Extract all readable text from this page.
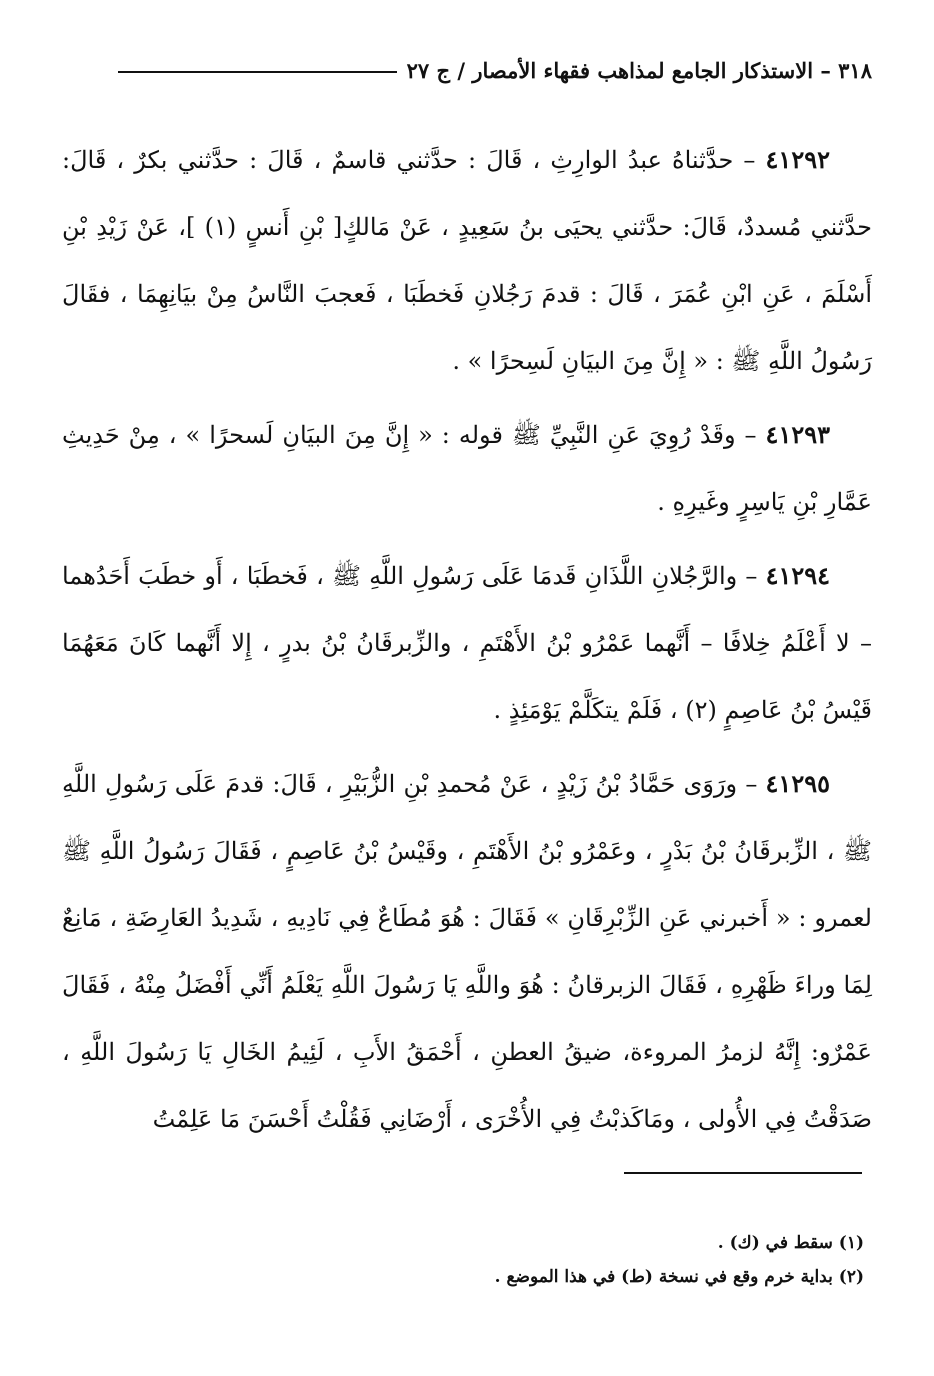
٣١٨ – الاستذكار الجامع لمذاهب فقهاء الأمصار / ج ٢٧

٤١٢٩٢ – حدَّثناهُ عبدُ الوارِثِ ، قَالَ : حدَّثني قاسمٌ ، قَالَ : حدَّثني بكرٌ ، قَالَ: حدَّثني مُسددٌ، قَالَ: حدَّثني يحيَى بنُ سَعِيدٍ ، عَنْ مَالكٍ[ بْنِ أَنسٍ (١) ]، عَنْ زَيْدِ بْنِ أَسْلَمَ ، عَنِ ابْنِ عُمَرَ ، قَالَ : قدمَ رَجُلانِ فَخطَبَا ، فَعجبَ النَّاسُ مِنْ بيَانِهِمَا ، فقَالَ رَسُولُ اللَّهِ ﷺ : « إِنَّ مِنَ البيَانِ لَسِحرًا » .

٤١٢٩٣ – وقَدْ رُوِيَ عَنِ النَّبِيِّ ﷺ قوله : « إِنَّ مِنَ البيَانِ لَسحرًا » ، مِنْ حَدِيثِ عَمَّارِ بْنِ يَاسِرٍ وغَيرِهِ .

٤١٢٩٤ – والرَّجُلانِ اللَّذَانِ قَدمَا عَلَى رَسُولِ اللَّهِ ﷺ ، فَخطَبَا ، أَو خطَبَ أَحَدُهما – لا أَعْلَمُ خِلافًا – أَنَّهما عَمْرُو بْنُ الأَهْتَمِ ، والزِّبرقَانُ بْنُ بدرٍ ، إِلا أَنَّهما كَانَ مَعَهُمَا قَيْسُ بْنُ عَاصِمٍ (٢) ، فَلَمْ يتكَلَّمْ يَوْمَئِذٍ .

٤١٢٩٥ – ورَوَى حَمَّادُ بْنُ زَيْدٍ ، عَنْ مُحمدِ بْنِ الزُّبَيْرِ ، قَالَ: قدمَ عَلَى رَسُولِ اللَّهِ ﷺ ، الزِّبرقَانُ بْنُ بَدْرٍ ، وعَمْرُو بْنُ الأَهْتَمِ ، وقَيْسُ بْنُ عَاصِمٍ ، فَقَالَ رَسُولُ اللَّهِ ﷺ لعمرو : « أَخبرني عَنِ الزِّبْرِقَانِ » فَقَالَ : هُوَ مُطَاعٌ فِي نَادِيهِ ، شَدِيدُ العَارِضَةِ ، مَانِعٌ لِمَا وراءَ ظَهْرِهِ ، فَقَالَ الزبرقانُ : هُوَ واللَّهِ يَا رَسُولَ اللَّهِ يَعْلَمُ أَنِّي أَفْضَلُ مِنْهُ ، فَقَالَ عَمْرٌو: إِنَّهُ لزمرُ المروءة، ضيقُ العطنِ ، أَحْمَقُ الأَبِ ، لَئِيمُ الخَالِ يَا رَسُولَ اللَّهِ ، صَدَقْتُ فِي الأُولى ، ومَاكَذبْتُ فِي الأُخْرَى ، أَرْضَانِي فَقُلْتُ أَحْسَنَ مَا عَلِمْتُ

(١) سقط في (ك) .

(٢) بداية خرم وقع في نسخة (ط) في هذا الموضع .
